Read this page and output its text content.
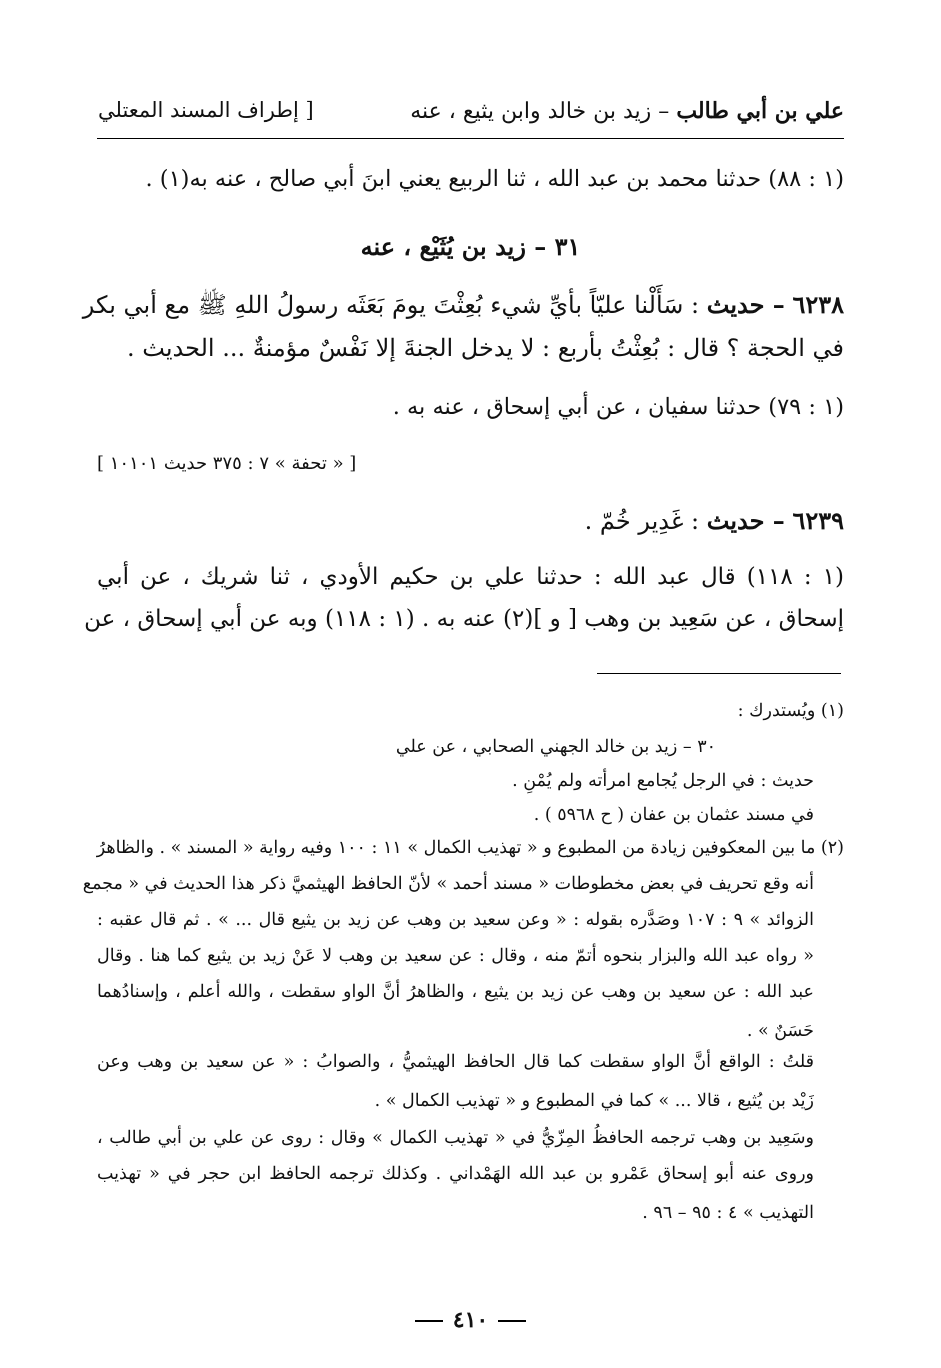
علي بن أبي طالب – زيد بن خالد وابن يثيع ، عنه
[ إطراف المسند المعتلي
(١ : ٨٨) حدثنا محمد بن عبد الله ، ثنا الربيع يعني ابنَ أبي صالح ، عنه به(١) .
٣١ – زيد بن يُثَيْع ، عنه
٦٢٣٨ – حديث : سَأَلْنا عليّاً بأيِّ شيء بُعِثْتَ يومَ بَعَثَه رسولُ اللهِ ﷺ مع أبي بكر
في الحجة ؟ قال : بُعِثْتُ بأربع : لا يدخل الجنةَ إلا نَفْسٌ مؤمنةٌ ... الحديث .
(١ : ٧٩) حدثنا سفيان ، عن أبي إسحاق ، عنه به .
[ « تحفة » ٧ : ٣٧٥ حديث ١٠١٠١ ]
٦٢٣٩ – حديث : غَدِير خُمّ .
(١ : ١١٨) قال عبد الله : حدثنا علي بن حكيم الأودي ، ثنا شريك ، عن أبي
إسحاق ، عن سَعِيد بن وهب [ و ](٢) عنه به . (١ : ١١٨) وبه عن أبي إسحاق ، عن
(١) ويُستدرك :
٣٠ – زيد بن خالد الجهني الصحابي ، عن علي
حديث : في الرجل يُجامع امرأته ولم يُمْنِ .
في مسند عثمان بن عفان ( ح ٥٩٦٨ ) .
(٢) ما بين المعكوفين زيادة من المطبوع و « تهذيب الكمال » ١١ : ١٠٠ وفيه رواية « المسند » . والظاهرُ
أنه وقع تحريف في بعض مخطوطات « مسند أحمد » لأنّ الحافظ الهيثميَّ ذكر هذا الحديث في « مجمع
الزوائد » ٩ : ١٠٧ وصَدَّره بقوله : « وعن سعيد بن وهب عن زيد بن يثيع قال ... » . ثم قال عقبه :
« رواه عبد الله والبزار بنحوه أتمّ منه ، وقال : عن سعيد بن وهب لا عَنْ زيد بن يثيع كما هنا . وقال
عبد الله : عن سعيد بن وهب عن زيد بن يثيع ، والظاهرُ أنَّ الواو سقطت ، والله أعلم ، وإسنادُهما
حَسَنٌ » .
قلتُ : الواقع أنَّ الواو سقطت كما قال الحافظ الهيثميُّ ، والصوابُ : « عن سعيد بن وهب وعن
زَيْد بن يُثيع ، قالا ... » كما في المطبوع و « تهذيب الكمال » .
وسَعِيد بن وهب ترجمه الحافظُ المِزّيُّ في « تهذيب الكمال » وقال : روى عن علي بن أبي طالب ،
وروى عنه أبو إسحاق عَمْرو بن عبد الله الهَمْداني . وكذلك ترجمه الحافظ ابن حجر في « تهذيب
التهذيب » ٤ : ٩٥ – ٩٦ .
٤١٠
